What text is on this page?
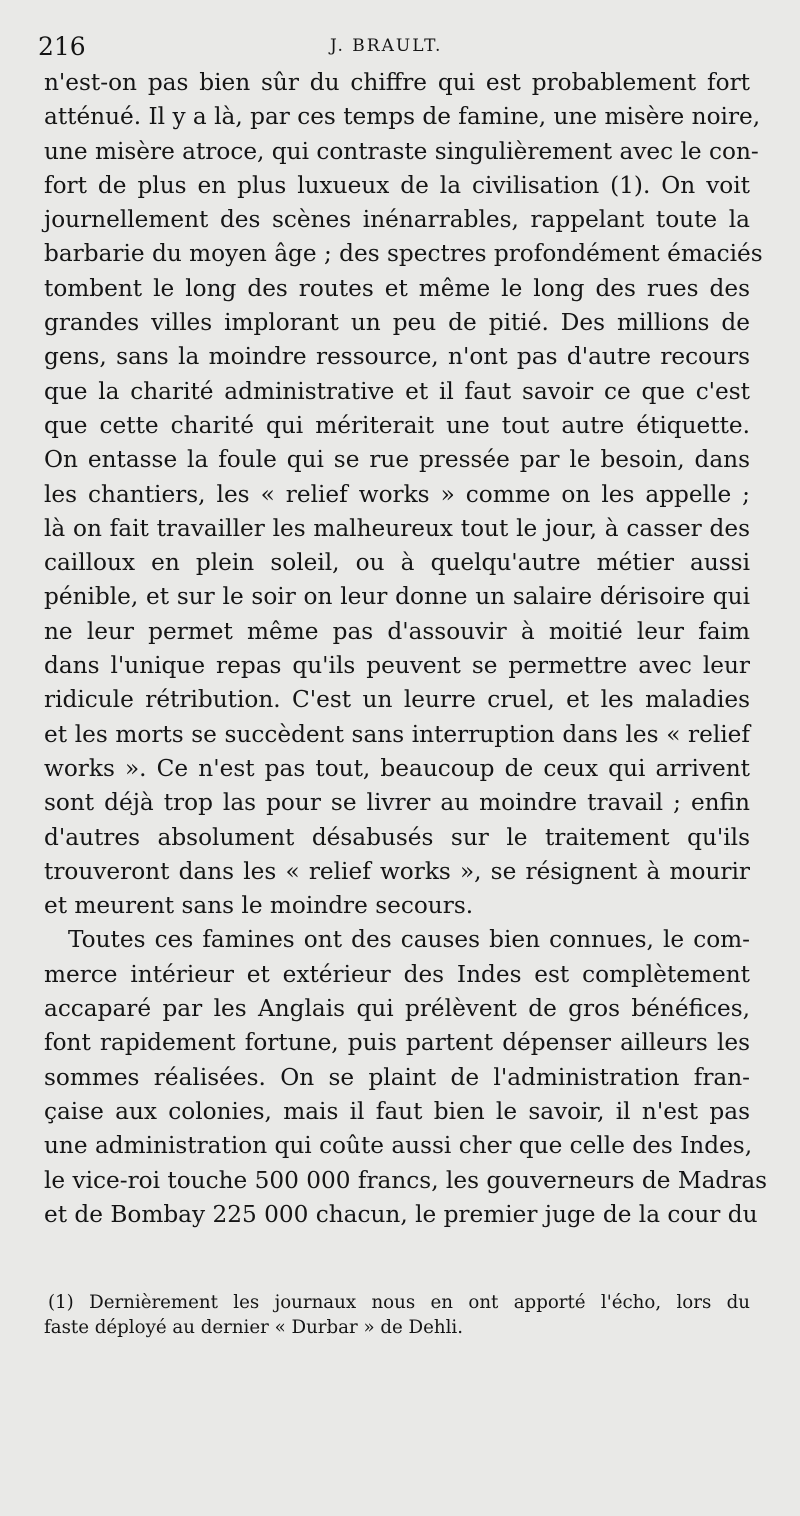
216	J. BRAULT.
n'est-on pas bien sûr du chiffre qui est probablement fort
atténué. Il y a là, par ces temps de famine, une misère noire,
une misère atroce, qui contraste singulièrement avec le con-
fort de plus en plus luxueux de la civilisation (1). On voit
journellement des scènes inénarrables, rappelant toute la
barbarie du moyen âge ; des spectres profondément émaciés
tombent le long des routes et même le long des rues des
grandes villes implorant un peu de pitié. Des millions de
gens, sans la moindre ressource, n'ont pas d'autre recours
que la charité administrative et il faut savoir ce que c'est
que cette charité qui mériterait une tout autre étiquette.
On entasse la foule qui se rue pressée par le besoin, dans
les chantiers, les « relief works » comme on les appelle ;
là on fait travailler les malheureux tout le jour, à casser des
cailloux en plein soleil, ou à quelqu'autre métier aussi
pénible, et sur le soir on leur donne un salaire dérisoire qui
ne leur permet même pas d'assouvir à moitié leur faim
dans l'unique repas qu'ils peuvent se permettre avec leur
ridicule rétribution. C'est un leurre cruel, et les maladies
et les morts se succèdent sans interruption dans les « relief
works ». Ce n'est pas tout, beaucoup de ceux qui arrivent
sont déjà trop las pour se livrer au moindre travail ; enfin
d'autres absolument désabusés sur le traitement qu'ils
trouveront dans les « relief works », se résignent à mourir
et meurent sans le moindre secours.
Toutes ces famines ont des causes bien connues, le com-
merce intérieur et extérieur des Indes est complètement
accaparé par les Anglais qui prélèvent de gros bénéfices,
font rapidement fortune, puis partent dépenser ailleurs les
sommes réalisées. On se plaint de l'administration fran-
çaise aux colonies, mais il faut bien le savoir, il n'est pas
une administration qui coûte aussi cher que celle des Indes,
le vice-roi touche 500 000 francs, les gouverneurs de Madras
et de Bombay 225 000 chacun, le premier juge de la cour du
(1) Dernièrement les journaux nous en ont apporté l'écho, lors du
faste déployé au dernier « Durbar » de Dehli.
